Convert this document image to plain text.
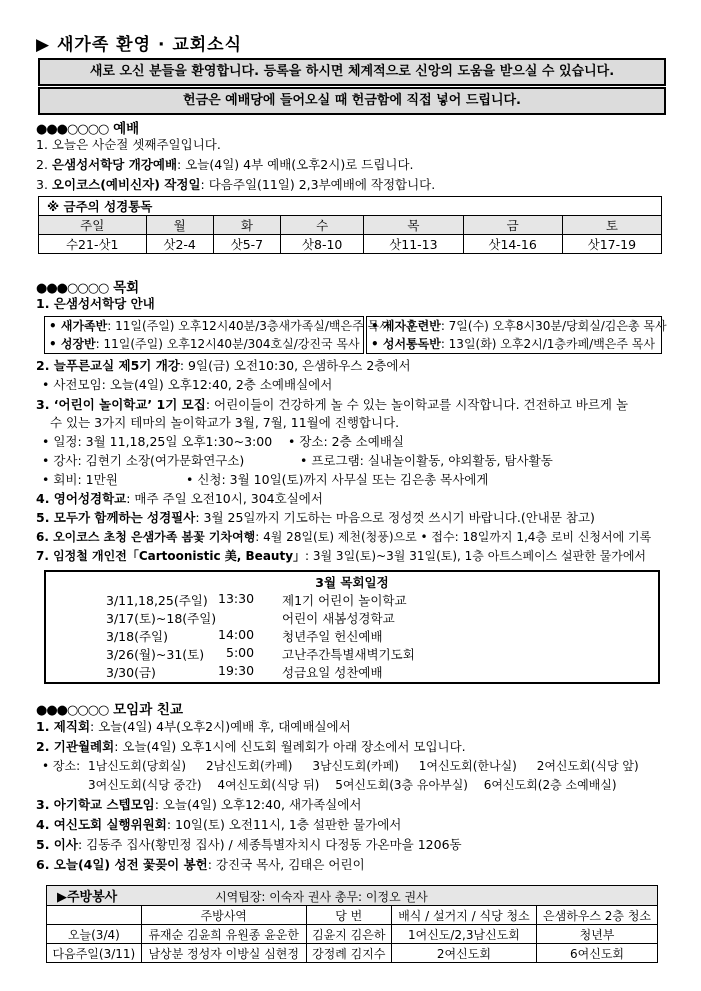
▶ 새가족 환영 · 교회소식
새로 오신 분들을 환영합니다. 등록을 하시면 체계적으로 신앙의 도움을 받으실 수 있습니다.
헌금은 예배당에 들어오실 때 헌금함에 직접 넣어 드립니다.
●●●○○○○ 예배
1. 오늘은 사순절 셋째주일입니다.
2. 은샘성서학당 개강예배: 오늘(4일) 4부 예배(오후2시)로 드립니다.
3. 오이코스(예비신자) 작정일: 다음주일(11일) 2,3부예배에 작정합니다.
※ 금주의 성경통독						
주일	월	화	수	목	금	토
수21-삿1	삿2-4	삿5-7	삿8-10	삿11-13	삿14-16	삿17-19
●●●○○○○ 목회
1. 은샘성서학당 안내
• 새가족반: 11일(주일) 오후12시40분/3층새가족실/백은주 목사
• 성장반: 11일(주일) 오후12시40분/304호실/강진국 목사
• 제자훈련반: 7일(수) 오후8시30분/당회실/김은총 목사
• 성서통독반: 13일(화) 오후2시/1층카페/백은주 목사
2. 늘푸른교실 제5기 개강: 9일(금) 오전10:30, 은샘하우스 2층에서
• 사전모임: 오늘(4일) 오후12:40, 2층 소예배실에서
3. ‘어린이 놀이학교’ 1기 모집: 어린이들이 건강하게 놀 수 있는 놀이학교를 시작합니다. 건전하고 바르게 놀
수 있는 3가지 테마의 놀이학교가 3월, 7월, 11월에 진행합니다.
• 일정: 3월 11,18,25일 오후1:30~3:00 • 장소: 2층 소예배실
• 강사: 김현기 소장(여가문화연구소)	• 프로그램: 실내놀이활동, 야외활동, 탐사활동
• 회비: 1만원	• 신청: 3월 10일(토)까지 사무실 또는 김은총 목사에게
4. 영어성경학교: 매주 주일 오전10시, 304호실에서
5. 모두가 함께하는 성경필사: 3월 25일까지 기도하는 마음으로 정성껏 쓰시기 바랍니다.(안내문 참고)
6. 오이코스 초청 은샘가족 봄꽃 기차여행: 4월 28일(토) 제천(청풍)으로 • 접수: 18일까지 1,4층 로비 신청서에 기록
7. 임정철 개인전「Cartoonistic 美, Beauty」: 3월 3일(토)~3월 31일(토), 1층 아트스페이스 설판한 물가에서
3월 목회일정
3/11,18,25(주일) 13:30 제1기 어린이 놀이학교
3/17(토)~18(주일)	어린이 새봄성경학교
3/18(주일)	14:00 청년주일 헌신예배
3/26(월)~31(토) 5:00 고난주간특별새벽기도회
3/30(금)	19:30 성금요일 성찬예배
●●●○○○○ 모임과 친교
1. 제직회: 오늘(4일) 4부(오후2시)예배 후, 대예배실에서
2. 기관월례회: 오늘(4일) 오후1시에 신도회 월례회가 아래 장소에서 모입니다.
• 장소: 1남신도회(당회실) 2남신도회(카페) 3남신도회(카페) 1여신도회(한나실) 2여신도회(식당 앞)
3여신도회(식당 중간) 4여신도회(식당 뒤) 5여신도회(3층 유아부실) 6여신도회(2층 소예배실)
3. 아기학교 스텝모임: 오늘(4일) 오후12:40, 새가족실에서
4. 여신도회 실행위원회: 10일(토) 오전11시, 1층 설판한 물가에서
5. 이사: 김동주 집사(황민정 집사) / 세종특별자치시 다정동 가온마을 1206동
6. 오늘(4일) 성전 꽃꽂이 봉헌: 강진국 목사, 김태은 어린이
▶주방봉사 시역팀장: 이숙자 권사 총무: 이정오 권사				
	주방사역	당 번	배식 / 설거지 / 식당 청소	은샘하우스 2층 청소
오늘(3/4)	류재순 김윤희 유원종 윤운한	김윤지 김은하	1여신도/2,3남신도회	청년부
다음주일(3/11)	남상분 정성자 이방실 심현정	강정례 김지수	2여신도회	6여신도회
